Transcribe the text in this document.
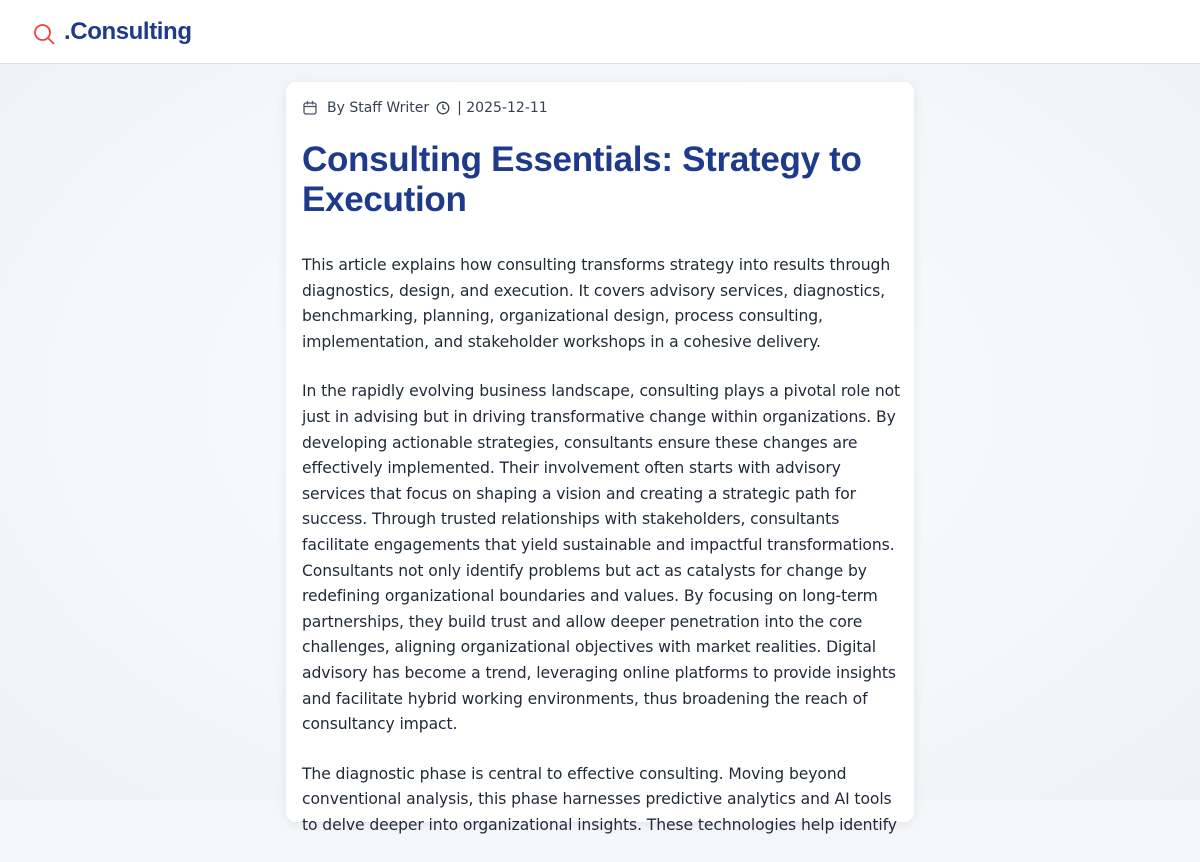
.Consulting
By Staff Writer | 2025-12-11
Consulting Essentials: Strategy to Execution

This article explains how consulting transforms strategy into results through diagnostics, design, and execution. It covers advisory services, diagnostics, benchmarking, planning, organizational design, process consulting, implementation, and stakeholder workshops in a cohesive delivery.

In the rapidly evolving business landscape, consulting plays a pivotal role not just in advising but in driving transformative change within organizations. By developing actionable strategies, consultants ensure these changes are effectively implemented. Their involvement often starts with advisory services that focus on shaping a vision and creating a strategic path for success. Through trusted relationships with stakeholders, consultants facilitate engagements that yield sustainable and impactful transformations. Consultants not only identify problems but act as catalysts for change by redefining organizational boundaries and values. By focusing on long-term partnerships, they build trust and allow deeper penetration into the core challenges, aligning organizational objectives with market realities. Digital advisory has become a trend, leveraging online platforms to provide insights and facilitate hybrid working environments, thus broadening the reach of consultancy impact.

The diagnostic phase is central to effective consulting. Moving beyond conventional analysis, this phase harnesses predictive analytics and AI tools to delve deeper into organizational insights. These technologies help identify
